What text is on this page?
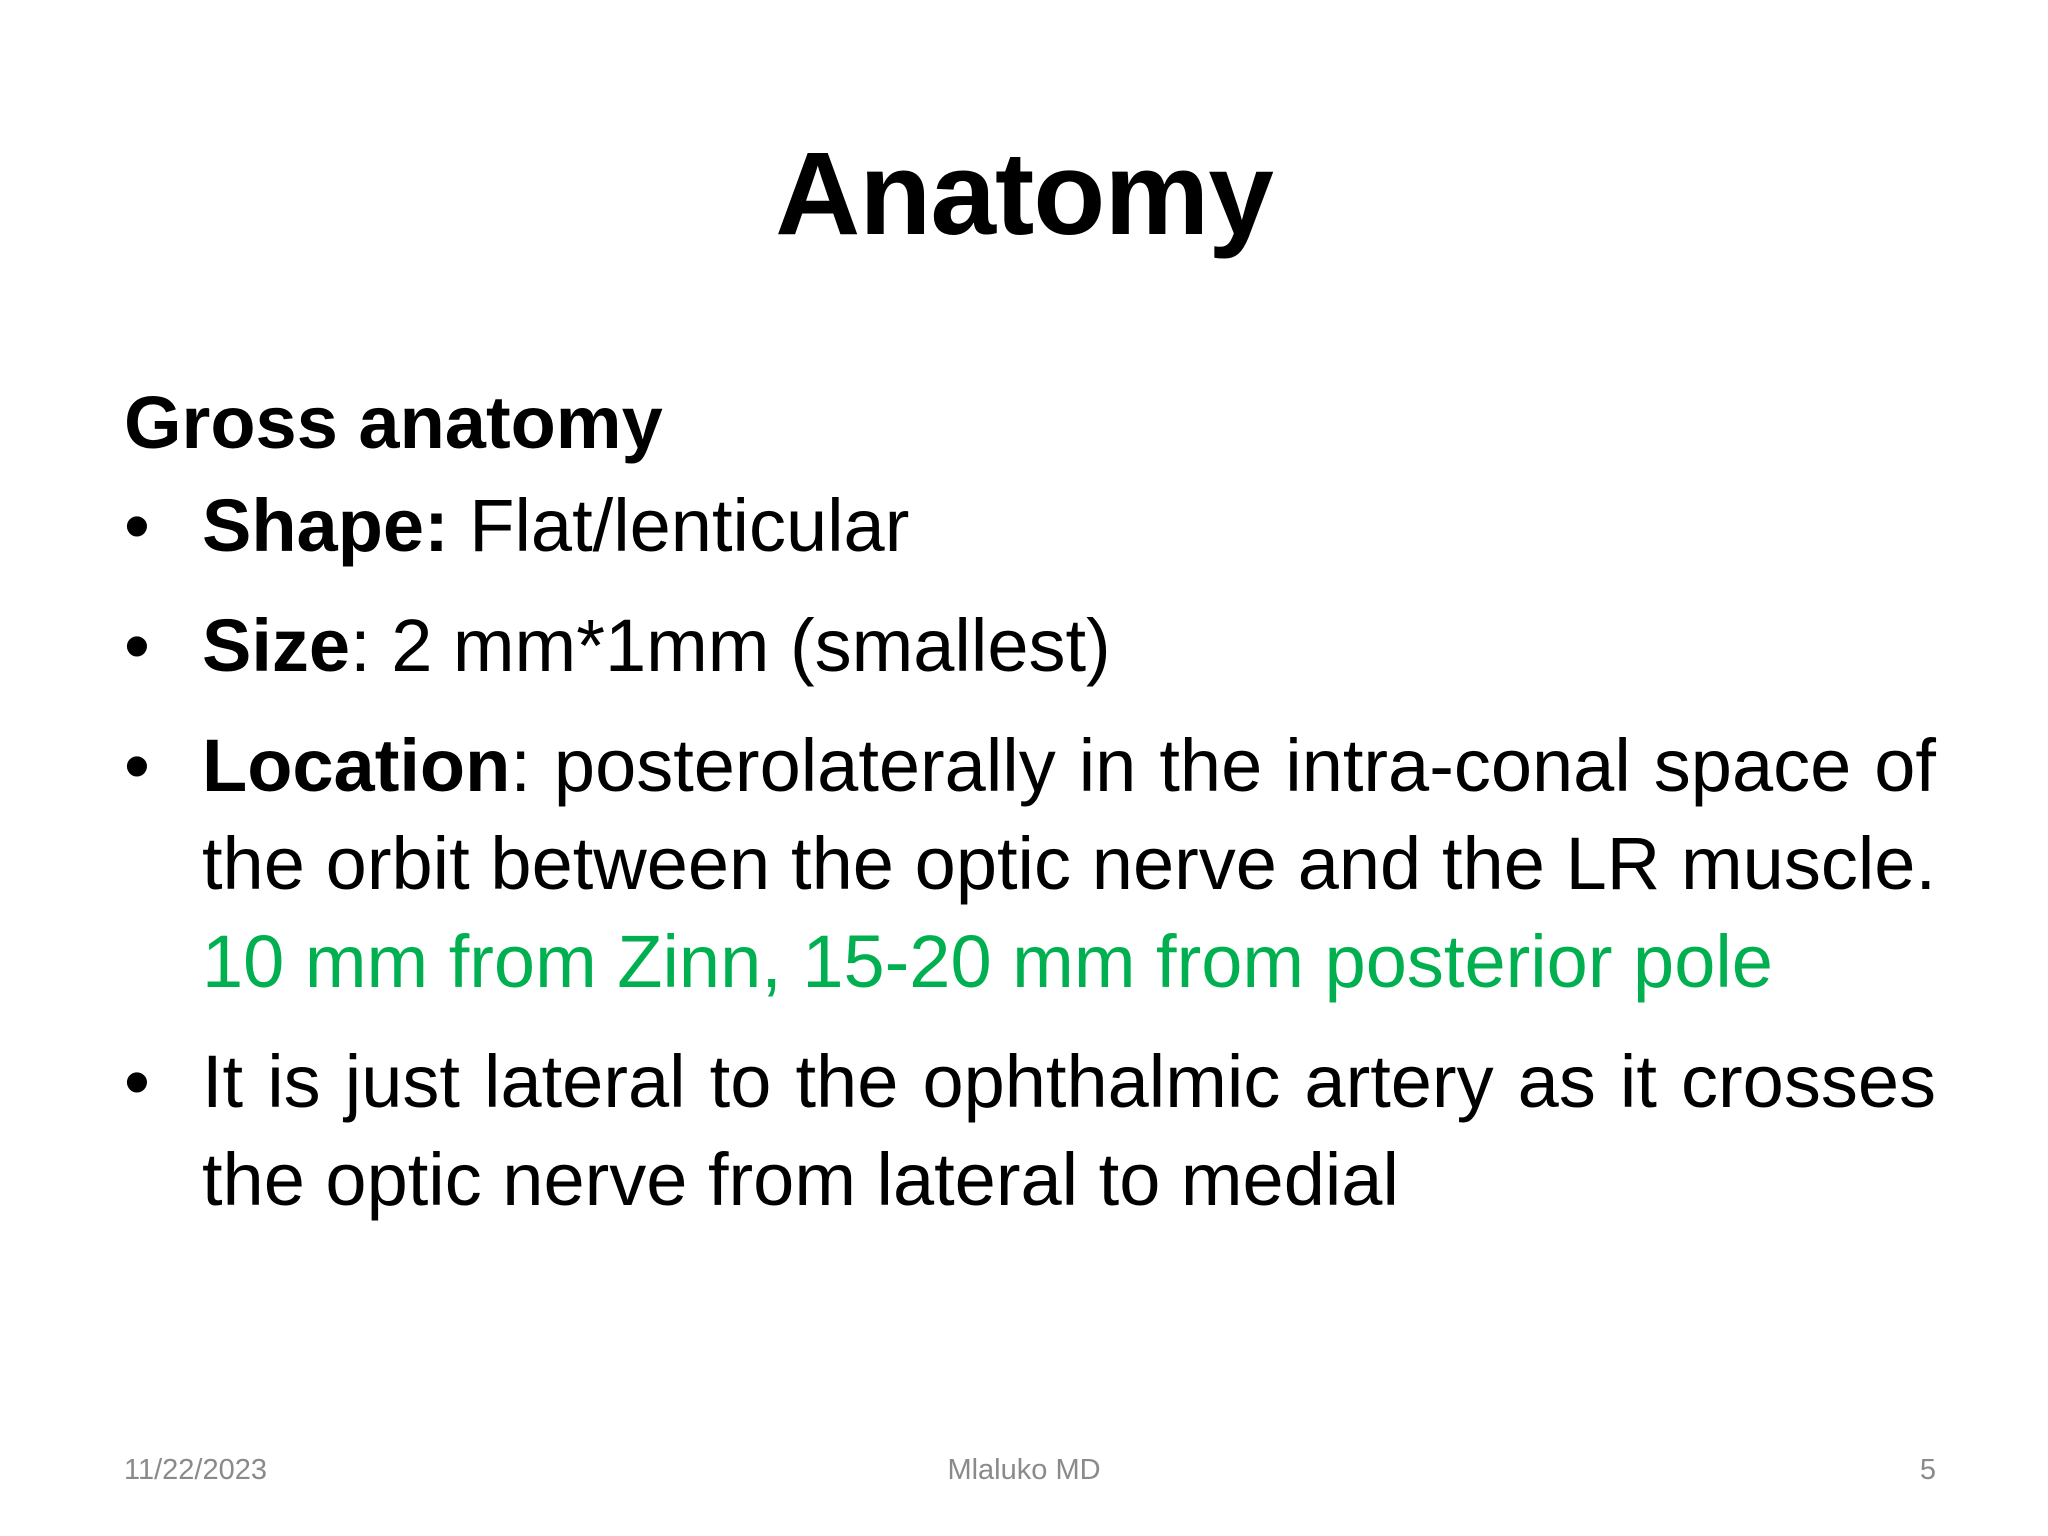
Anatomy
Gross anatomy
• Shape: Flat/lenticular
• Size: 2 mm*1mm (smallest)
• Location: posterolaterally in the intra-conal space of the orbit between the optic nerve and the LR muscle. 10 mm from Zinn, 15-20 mm from posterior pole
• It is just lateral to the ophthalmic artery as it crosses the optic nerve from lateral to medial
11/22/2023	Mlaluko MD	5
